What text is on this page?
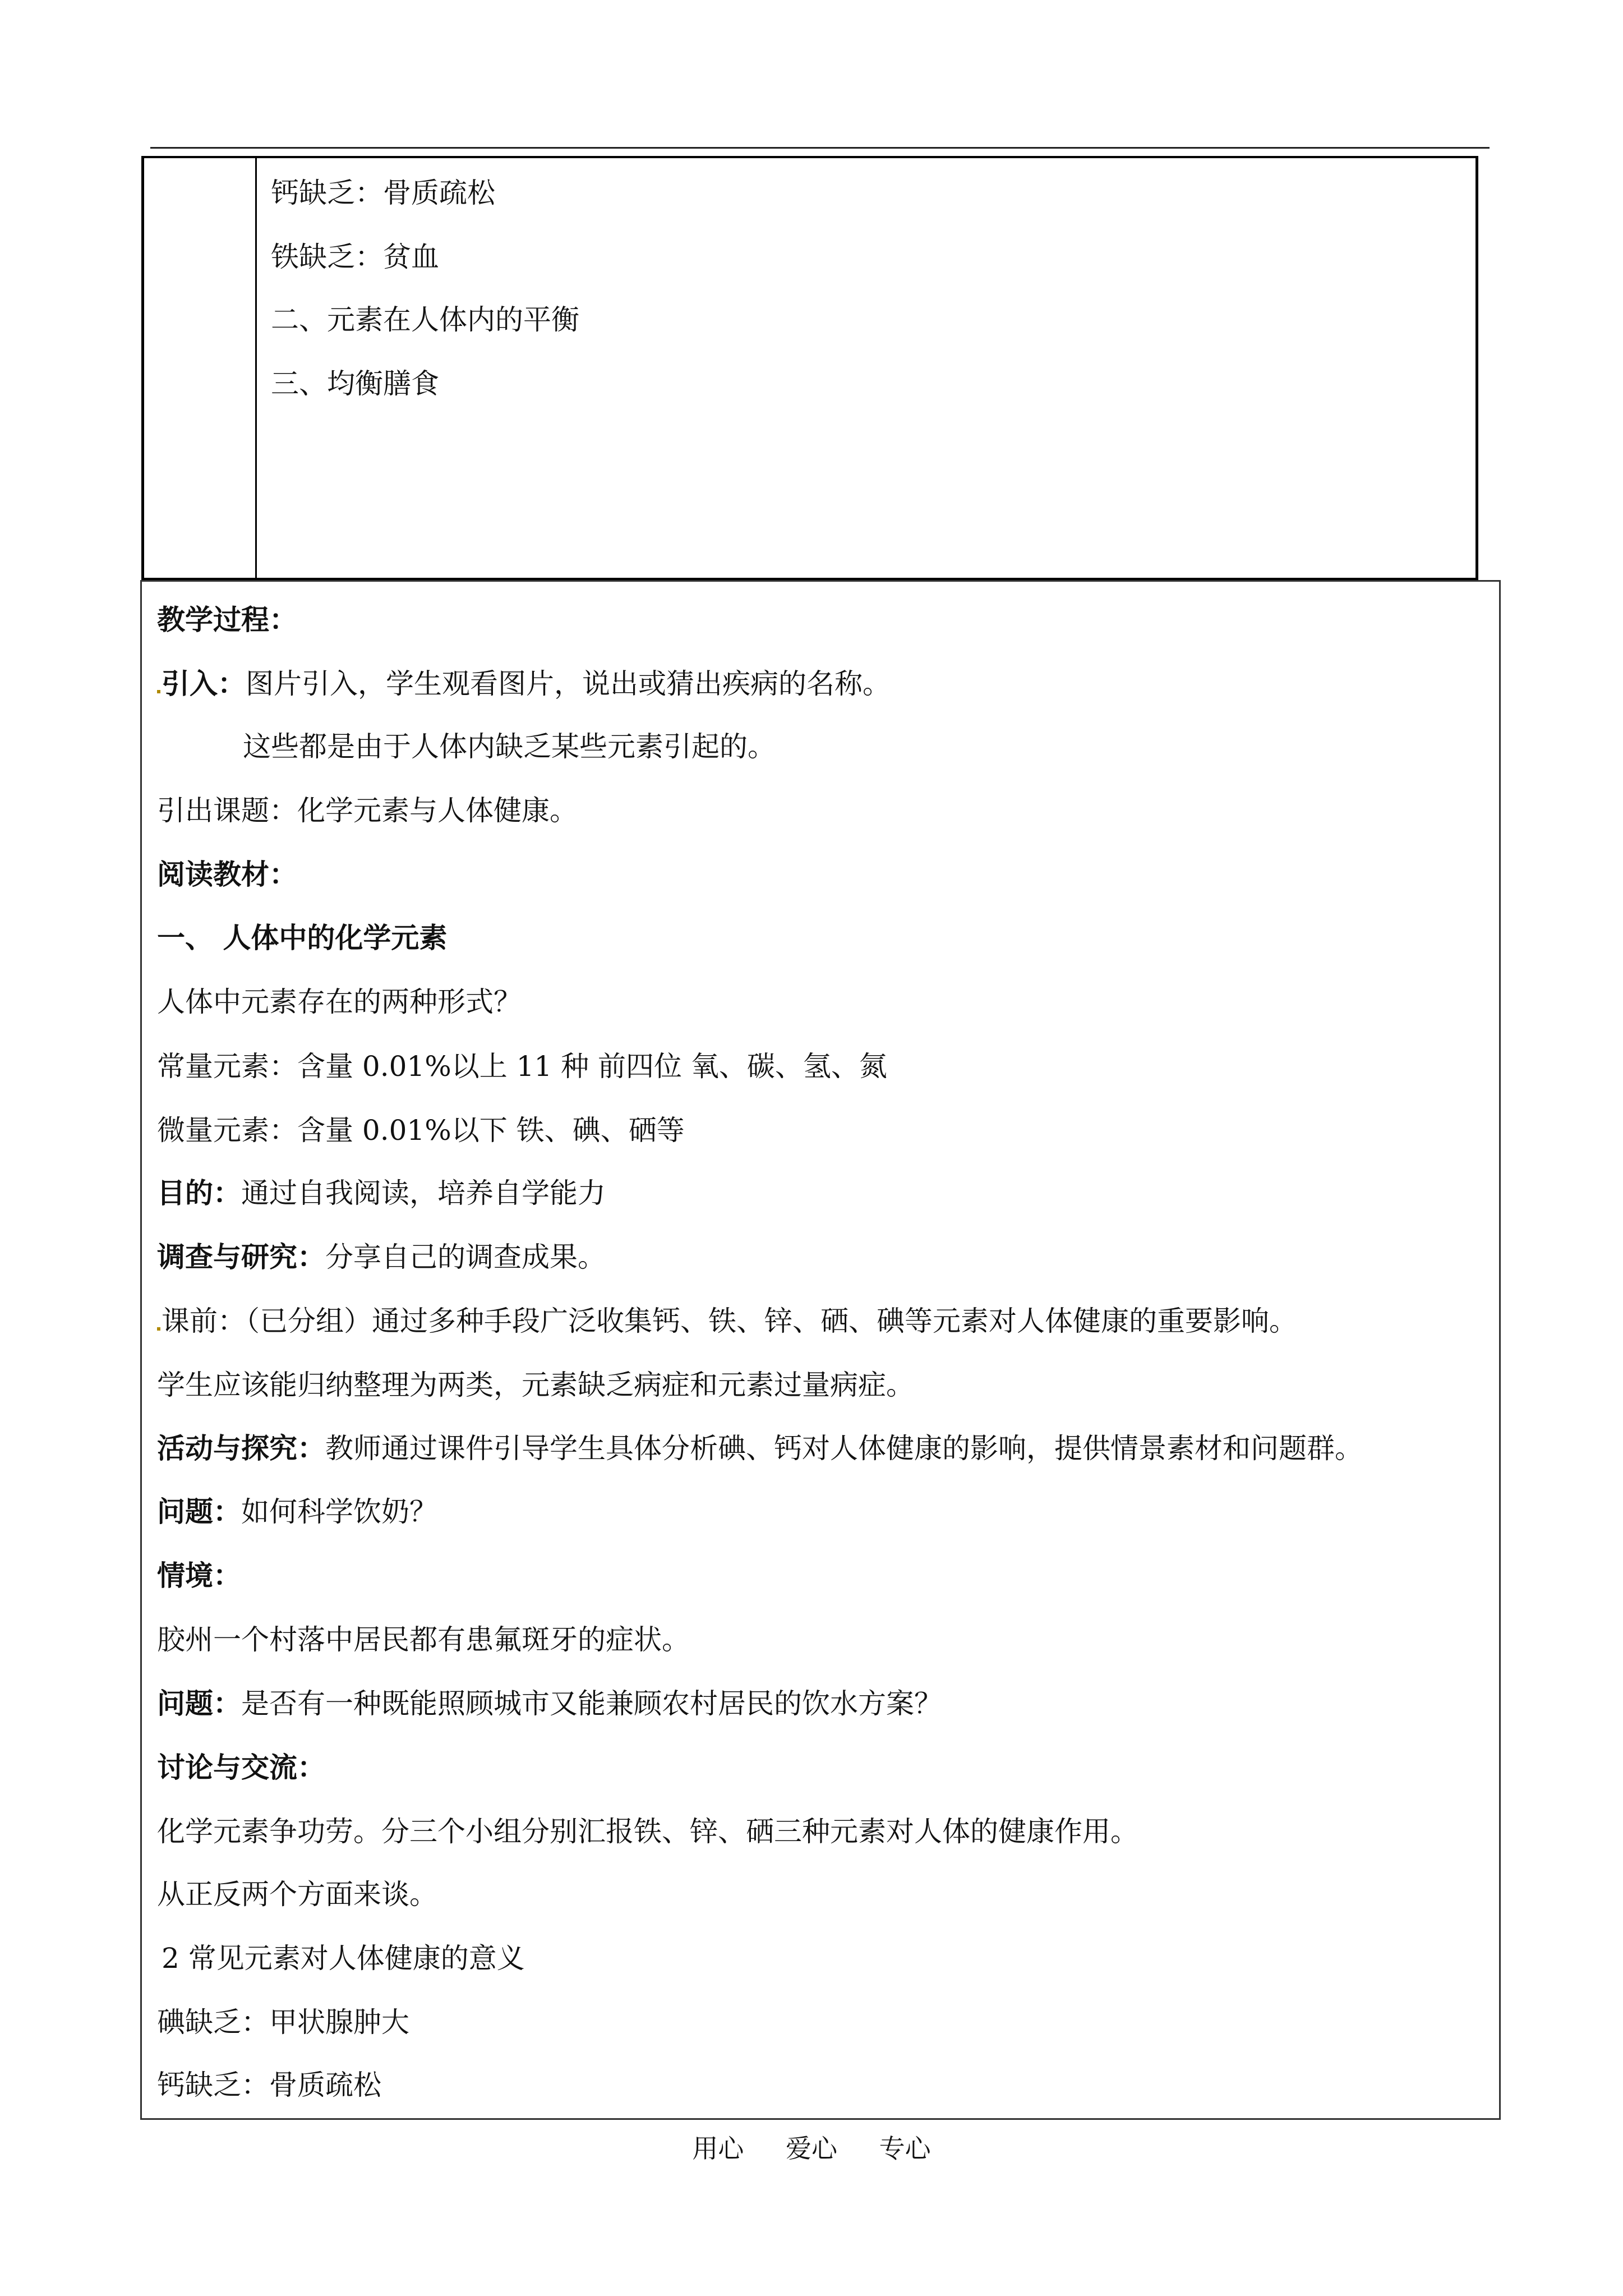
钙缺乏：骨质疏松
铁缺乏：贫血
二、元素在人体内的平衡
三、均衡膳食
教学过程：
引入：图片引入，学生观看图片，说出或猜出疾病的名称。
这些都是由于人体内缺乏某些元素引起的。
引出课题：化学元素与人体健康。
阅读教材：
一、 人体中的化学元素
人体中元素存在的两种形式？
常量元素：含量 0.01%以上 11 种 前四位 氧、碳、氢、氮
微量元素：含量 0.01%以下 铁、碘、硒等
目的：通过自我阅读，培养自学能力
调查与研究：分享自己的调查成果。
课前：（已分组）通过多种手段广泛收集钙、铁、锌、硒、碘等元素对人体健康的重要影响。
学生应该能归纳整理为两类，元素缺乏病症和元素过量病症。
活动与探究：教师通过课件引导学生具体分析碘、钙对人体健康的影响，提供情景素材和问题群。
问题：如何科学饮奶？
情境：
胶州一个村落中居民都有患氟斑牙的症状。
问题：是否有一种既能照顾城市又能兼顾农村居民的饮水方案？
讨论与交流：
化学元素争功劳。分三个小组分别汇报铁、锌、硒三种元素对人体的健康作用。
从正反两个方面来谈。
2 常见元素对人体健康的意义
碘缺乏：甲状腺肿大
钙缺乏：骨质疏松
用心 爱心 专心
